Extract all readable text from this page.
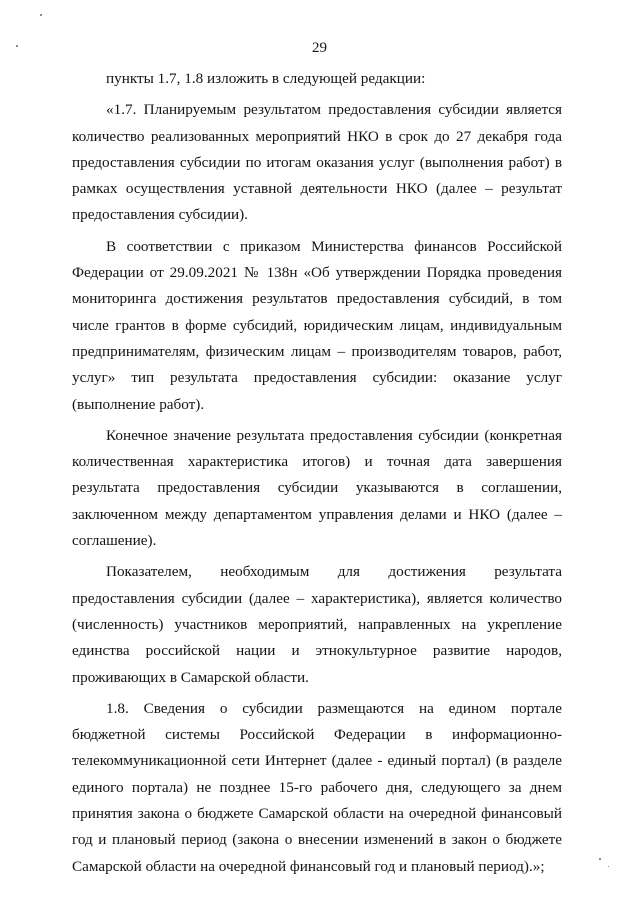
29

пункты 1.7, 1.8 изложить в следующей редакции:

«1.7. Планируемым результатом предоставления субсидии является количество реализованных мероприятий НКО в срок до 27 декабря года предоставления субсидии по итогам оказания услуг (выполнения работ) в рамках осуществления уставной деятельности НКО (далее – результат предоставления субсидии).

В соответствии с приказом Министерства финансов Российской Федерации от 29.09.2021 № 138н «Об утверждении Порядка проведения мониторинга достижения результатов предоставления субсидий, в том числе грантов в форме субсидий, юридическим лицам, индивидуальным предпринимателям, физическим лицам – производителям товаров, работ, услуг» тип результата предоставления субсидии: оказание услуг (выполнение работ).

Конечное значение результата предоставления субсидии (конкретная количественная характеристика итогов) и точная дата завершения результата предоставления субсидии указываются в соглашении, заключенном между департаментом управления делами и НКО (далее – соглашение).

Показателем, необходимым для достижения результата предоставления субсидии (далее – характеристика), является количество (численность) участников мероприятий, направленных на укрепление единства российской нации и этнокультурное развитие народов, проживающих в Самарской области.

1.8. Сведения о субсидии размещаются на едином портале бюджетной системы Российской Федерации в информационно-телекоммуникационной сети Интернет (далее - единый портал) (в разделе единого портала) не позднее 15-го рабочего дня, следующего за днем принятия закона о бюджете Самарской области на очередной финансовый год и плановый период (закона о внесении изменений в закон о бюджете Самарской области на очередной финансовый год и плановый период).»;
